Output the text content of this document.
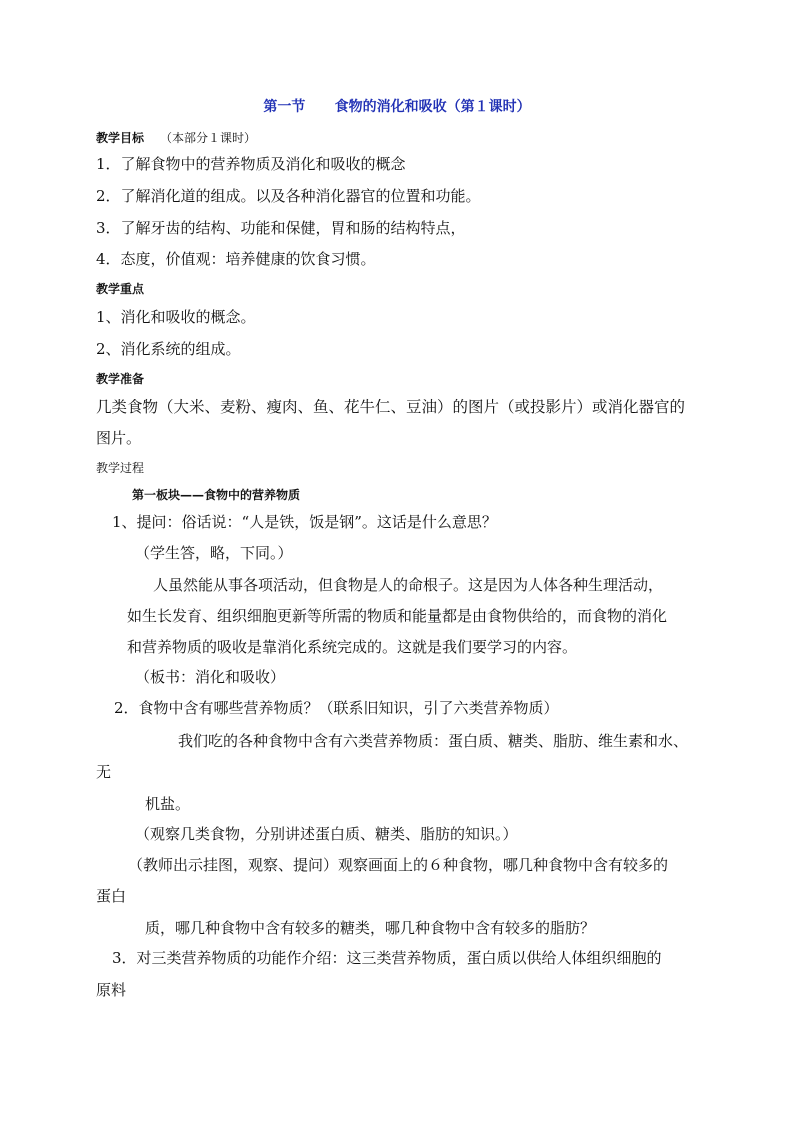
第一节      食物的消化和吸收（第１课时）
教学目标 （本部分１课时）
1．了解食物中的营养物质及消化和吸收的概念
2．了解消化道的组成。以及各种消化器官的位置和功能。
3．了解牙齿的结构、功能和保健，胃和肠的结构特点，
4．态度，价值观：培养健康的饮食习惯。
教学重点
1、消化和吸收的概念。
2、消化系统的组成。
教学准备
几类食物（大米、麦粉、瘦肉、鱼、花牛仁、豆油）的图片（或投影片）或消化器官的
图片。
教学过程
第一板块——食物中的营养物质
1、提问：俗话说：“人是铁，饭是钢”。这话是什么意思？
（学生答，略，下同。）
人虽然能从事各项活动，但食物是人的命根子。这是因为人体各种生理活动，
如生长发育、组织细胞更新等所需的物质和能量都是由食物供给的，而食物的消化
和营养物质的吸收是靠消化系统完成的。这就是我们要学习的内容。
（板书：消化和吸收）
2．食物中含有哪些营养物质？（联系旧知识，引了六类营养物质）
我们吃的各种食物中含有六类营养物质：蛋白质、糖类、脂肪、维生素和水、
无
机盐。
（观察几类食物，分别讲述蛋白质、糖类、脂肪的知识。）
（教师出示挂图，观察、提问）观察画面上的６种食物，哪几种食物中含有较多的
蛋白
质，哪几种食物中含有较多的糖类，哪几种食物中含有较多的脂肪？
3．对三类营养物质的功能作介绍：这三类营养物质，蛋白质以供给人体组织细胞的
原料
